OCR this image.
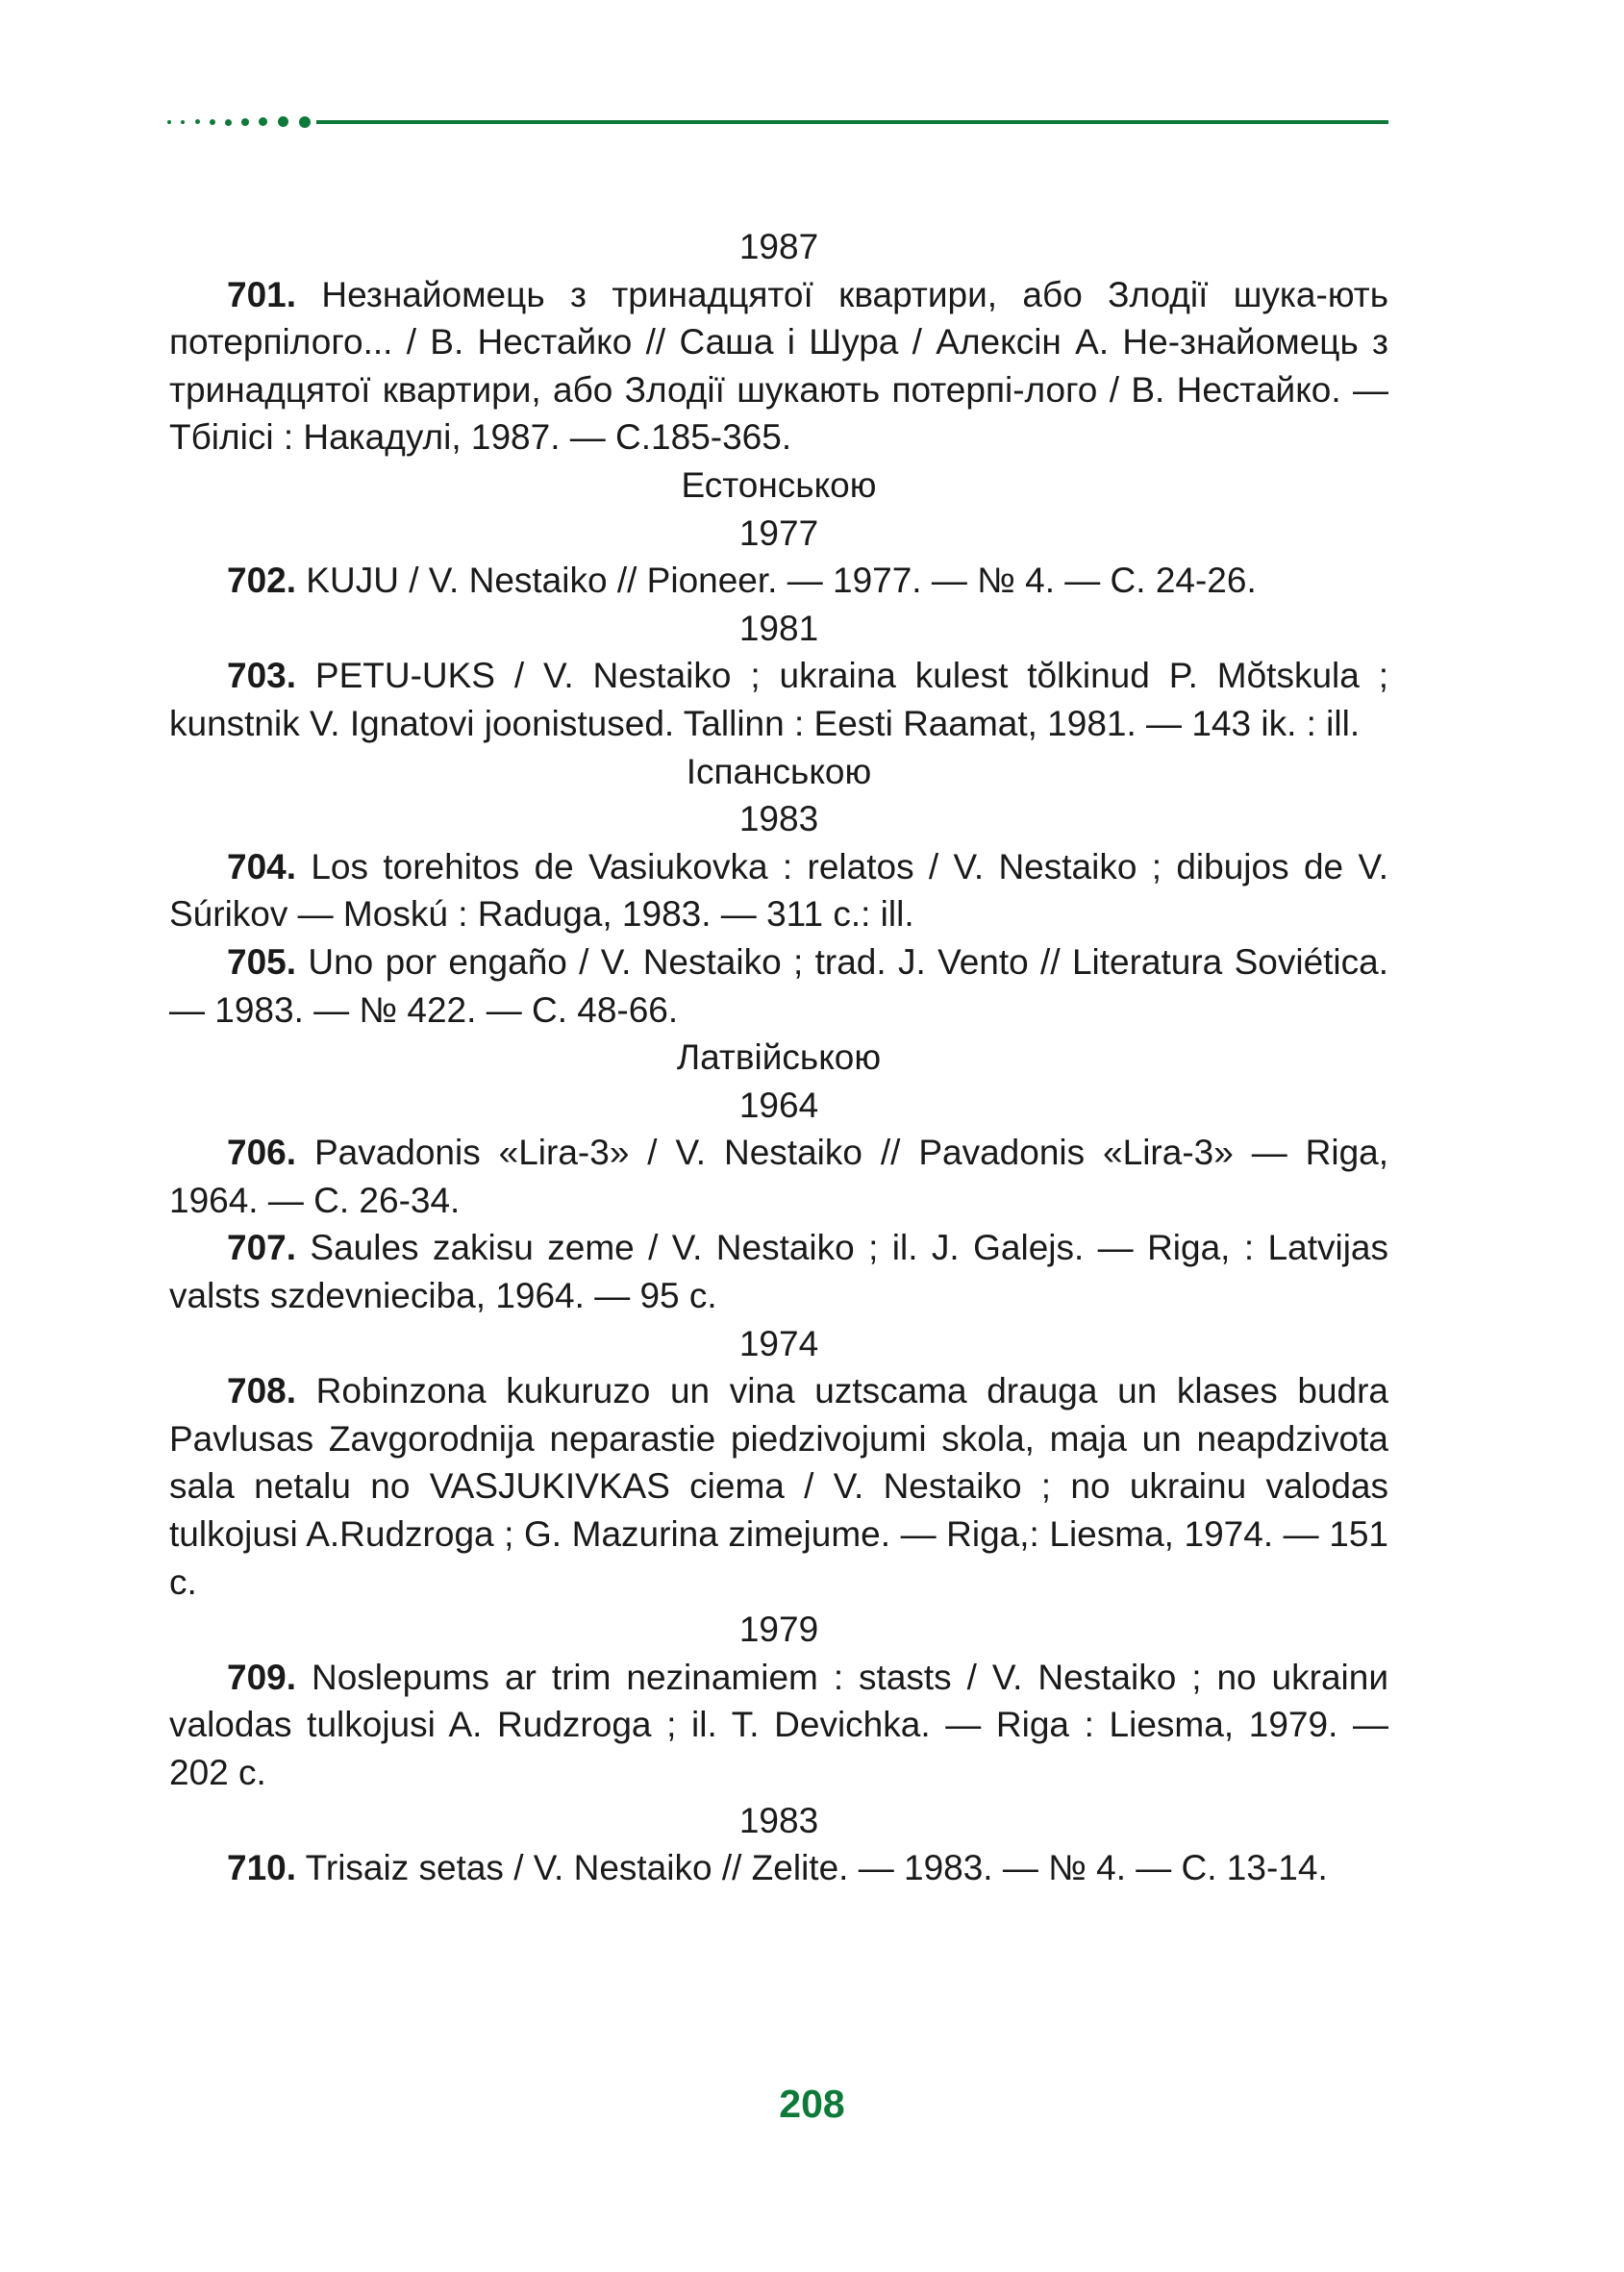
1987
701. Незнайомець з тринадцятої квартири, або Злодії шука-ють потерпілого... / В. Нестайко // Саша і Шура / Алексін А. Не-знайомець з тринадцятої квартири, або Злодії шукають потерпі-лого / В. Нестайко. — Тбілісі : Накадулі, 1987. — С.185-365.
Естонською
1977
702. KUJU / V. Nestaiko // Pioneer. — 1977. — № 4. — C. 24-26.
1981
703. PETU-UKS / V. Nestaiko ; ukraina kulest tŏlkinud P. Mŏtskula ; kunstnik V. Ignatovi joonistused. Tallinn : Eesti Raamat, 1981. — 143 ik. : ill.
Іспанською
1983
704. Los torehitos de Vasiukovka : relatos / V. Nestaiko ; dibujos de V. Súrikov — Moskú : Raduga, 1983. — 311 c.: ill.
705. Uno por engaño / V. Nestaiko ; trad. J. Vento // Literatura Soviética. — 1983. — № 422. — C. 48-66.
Латвійською
1964
706. Pavadonis «Lira-3» / V. Nestaiko // Pavadonis «Lira-3» — Riga, 1964. — C. 26-34.
707. Saules zakisu zeme / V. Nestaiko ; il. J. Galejs. — Riga, : Latvijas valsts szdevnieciba, 1964. — 95 c.
1974
708. Robinzona kukuruzo un vina uztscama drauga un klases budra Pavlusas Zavgorodnija neparastie piedzivojumi skola, maja un neapdzivota sala netalu no VASJUKIVKAS ciema / V. Nestaiko ; no ukrainu valodas tulkojusi A.Rudzroga ; G. Mazurina zimejume. — Riga,: Liesma, 1974. — 151 c.
1979
709. Noslepums ar trim nezinamiem : stasts / V. Nestaiko ; no ukrainи valodas tulkojusi A. Rudzroga ; il. T. Devichka. — Riga : Liesma, 1979. — 202 c.
1983
710. Trisaiz setas / V. Nestaiko // Zelite. — 1983. — № 4. — C. 13-14.
208
